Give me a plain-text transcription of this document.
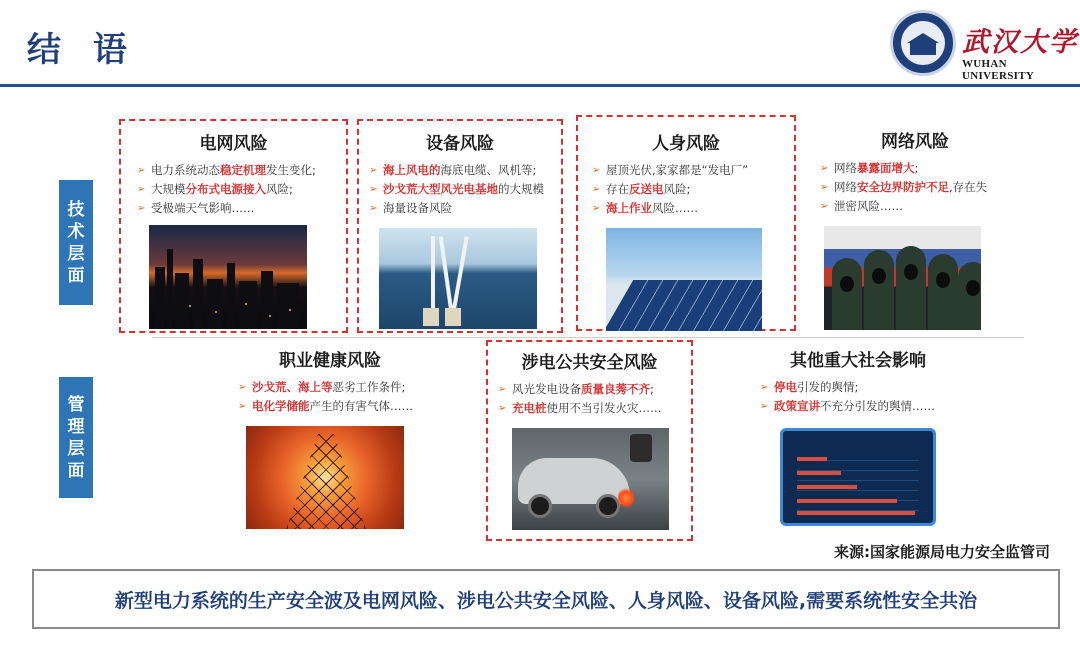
结 语	武汉大学
WUHAN UNIVERSITY
技术层面
管理层面
电网风险
➢ 电力系统动态稳定机理发生变化;
➢ 大规模分布式电源接入风险;
➢ 受极端天气影响……
设备风险
➢ 海上风电的海底电缆、风机等;
➢ 沙戈荒大型风光电基地的大规模
➢ 海量设备风险
人身风险
➢ 屋顶光伏,家家都是“发电厂”
➢ 存在反送电风险;
➢ 海上作业风险……
网络风险
➢ 网络暴露面增大;
➢ 网络安全边界防护不足,存在失
➢ 泄密风险……
职业健康风险
➢ 沙戈荒、海上等恶劣工作条件;
➢ 电化学储能产生的有害气体……
涉电公共安全风险
➢ 风光发电设备质量良莠不齐;
➢ 充电桩使用不当引发火灾……
其他重大社会影响
➢ 停电引发的舆情;
➢ 政策宣讲不充分引发的舆情……
来源:国家能源局电力安全监管司
新型电力系统的生产安全波及电网风险、涉电公共安全风险、人身风险、设备风险,需要系统性安全共治
